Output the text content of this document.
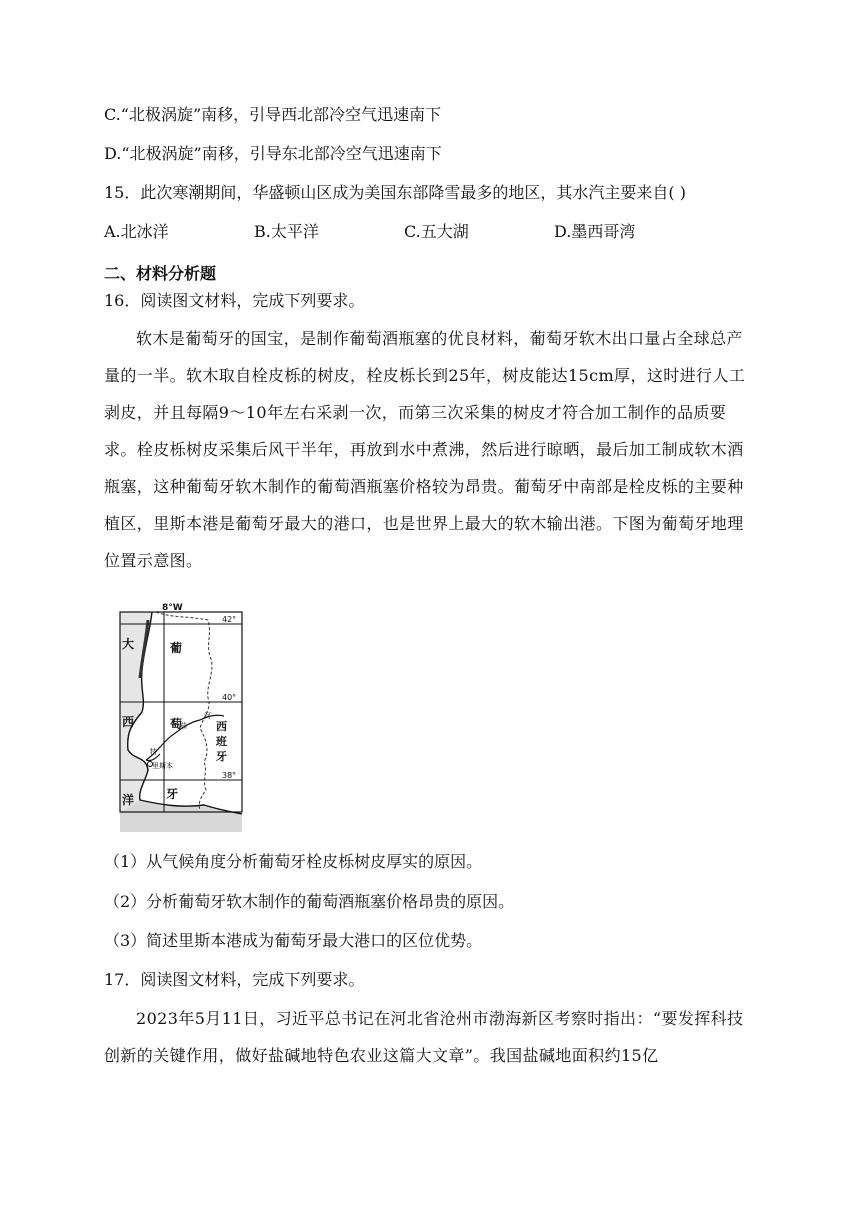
C.“北极涡旋”南移，引导西北部冷空气迅速南下
D.“北极涡旋”南移，引导东北部冷空气迅速南下
15．此次寒潮期间，华盛顿山区成为美国东部降雪最多的地区，其水汽主要来自( )
A.北冰洋	B.太平洋	C.五大湖	D.墨西哥湾
二、材料分析题
16．阅读图文材料，完成下列要求。

软木是葡萄牙的国宝，是制作葡萄酒瓶塞的优良材料，葡萄牙软木出口量占全球总产量的一半。软木取自栓皮栎的树皮，栓皮栎长到25年，树皮能达15cm厚，这时进行人工剥皮，并且每隔9～10年左右采剥一次，而第三次采集的树皮才符合加工制作的品质要求。栓皮栎树皮采集后风干半年，再放到水中煮沸，然后进行晾晒，最后加工制成软木酒瓶塞，这种葡萄牙软木制作的葡萄酒瓶塞价格较为昂贵。葡萄牙中南部是栓皮栎的主要种植区，里斯本港是葡萄牙最大的港口，也是世界上最大的软木输出港。下图为葡萄牙地理位置示意图。

8°W
42°
40°
38°
大
西
洋
葡
萄
牙
西
班
牙
里斯本
特
茹
河
（1）从气候角度分析葡萄牙栓皮栎树皮厚实的原因。
（2）分析葡萄牙软木制作的葡萄酒瓶塞价格昂贵的原因。
（3）简述里斯本港成为葡萄牙最大港口的区位优势。
17．阅读图文材料，完成下列要求。

2023年5月11日，习近平总书记在河北省沧州市渤海新区考察时指出：“要发挥科技创新的关键作用，做好盐碱地特色农业这篇大文章”。我国盐碱地面积约15亿
